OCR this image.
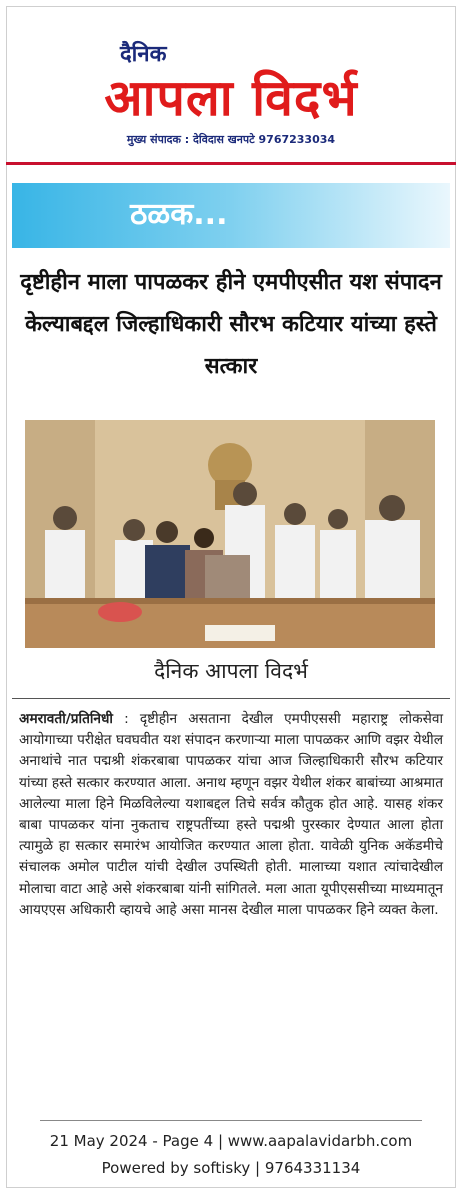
दैनिक
आपला विदर्भ
मुख्य संपादक : देविदास खनपटे 9767233034
ठळक...
दृष्टीहीन माला पापळकर हीने एमपीएसीत यश संपादन केल्याबद्दल जिल्हाधिकारी सौरभ कटियार यांच्या हस्ते सत्कार
दैनिक आपला विदर्भ
अमरावती/प्रतिनिधी : दृष्टीहीन असताना देखील एमपीएससी महाराष्ट्र लोकसेवा आयोगाच्या परीक्षेत घवघवीत यश संपादन करणाऱ्या माला पापळकर आणि वझर येथील अनाथांचे नात पद्मश्री शंकरबाबा पापळकर यांचा आज जिल्हाधिकारी सौरभ कटियार यांच्या हस्ते सत्कार करण्यात आला. अनाथ म्हणून वझर येथील शंकर बाबांच्या आश्रमात आलेल्या माला हिने मिळविलेल्या यशाबद्दल तिचे सर्वत्र कौतुक होत आहे. यासह शंकर बाबा पापळकर यांना नुकताच राष्ट्रपतींच्या हस्ते पद्मश्री पुरस्कार देण्यात आला होता त्यामुळे हा सत्कार समारंभ आयोजित करण्यात आला होता. यावेळी युनिक अकॅडमीचे संचालक अमोल पाटील यांची देखील उपस्थिती होती. मालाच्या यशात त्यांचादेखील मोलाचा वाटा आहे असे शंकरबाबा यांनी सांगितले. मला आता यूपीएससीच्या माध्यमातून आयएएस अधिकारी व्हायचे आहे असा मानस देखील माला पापळकर हिने व्यक्त केला.
21 May 2024 - Page 4 | www.aapalavidarbh.com
Powered by softisky | 9764331134
